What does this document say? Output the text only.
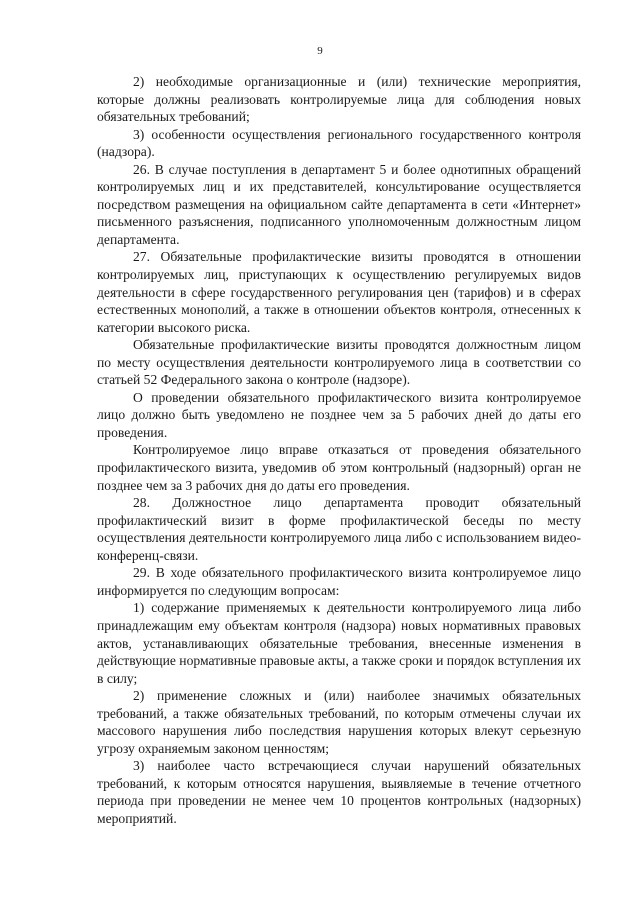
9

2) необходимые организационные и (или) технические мероприятия, которые должны реализовать контролируемые лица для соблюдения новых обязательных требований;

3) особенности осуществления регионального государственного контроля (надзора).

26. В случае поступления в департамент 5 и более однотипных обращений контролируемых лиц и их представителей, консультирование осуществляется посредством размещения на официальном сайте департамента в сети «Интернет» письменного разъяснения, подписанного уполномоченным должностным лицом департамента.

27. Обязательные профилактические визиты проводятся в отношении контролируемых лиц, приступающих к осуществлению регулируемых видов деятельности в сфере государственного регулирования цен (тарифов) и в сферах естественных монополий, а также в отношении объектов контроля, отнесенных к категории высокого риска.

Обязательные профилактические визиты проводятся должностным лицом по месту осуществления деятельности контролируемого лица в соответствии со статьей 52 Федерального закона о контроле (надзоре).

О проведении обязательного профилактического визита контролируемое лицо должно быть уведомлено не позднее чем за 5 рабочих дней до даты его проведения.

Контролируемое лицо вправе отказаться от проведения обязательного профилактического визита, уведомив об этом контрольный (надзорный) орган не позднее чем за 3 рабочих дня до даты его проведения.

28. Должностное лицо департамента проводит обязательный профилактический визит в форме профилактической беседы по месту осуществления деятельности контролируемого лица либо с использованием видео-конференц-связи.

29. В ходе обязательного профилактического визита контролируемое лицо информируется по следующим вопросам:

1) содержание применяемых к деятельности контролируемого лица либо принадлежащим ему объектам контроля (надзора) новых нормативных правовых актов, устанавливающих обязательные требования, внесенные изменения в действующие нормативные правовые акты, а также сроки и порядок вступления их в силу;

2) применение сложных и (или) наиболее значимых обязательных требований, а также обязательных требований, по которым отмечены случаи их массового нарушения либо последствия нарушения которых влекут серьезную угрозу охраняемым законом ценностям;

3) наиболее часто встречающиеся случаи нарушений обязательных требований, к которым относятся нарушения, выявляемые в течение отчетного периода при проведении не менее чем 10 процентов контрольных (надзорных) мероприятий.
